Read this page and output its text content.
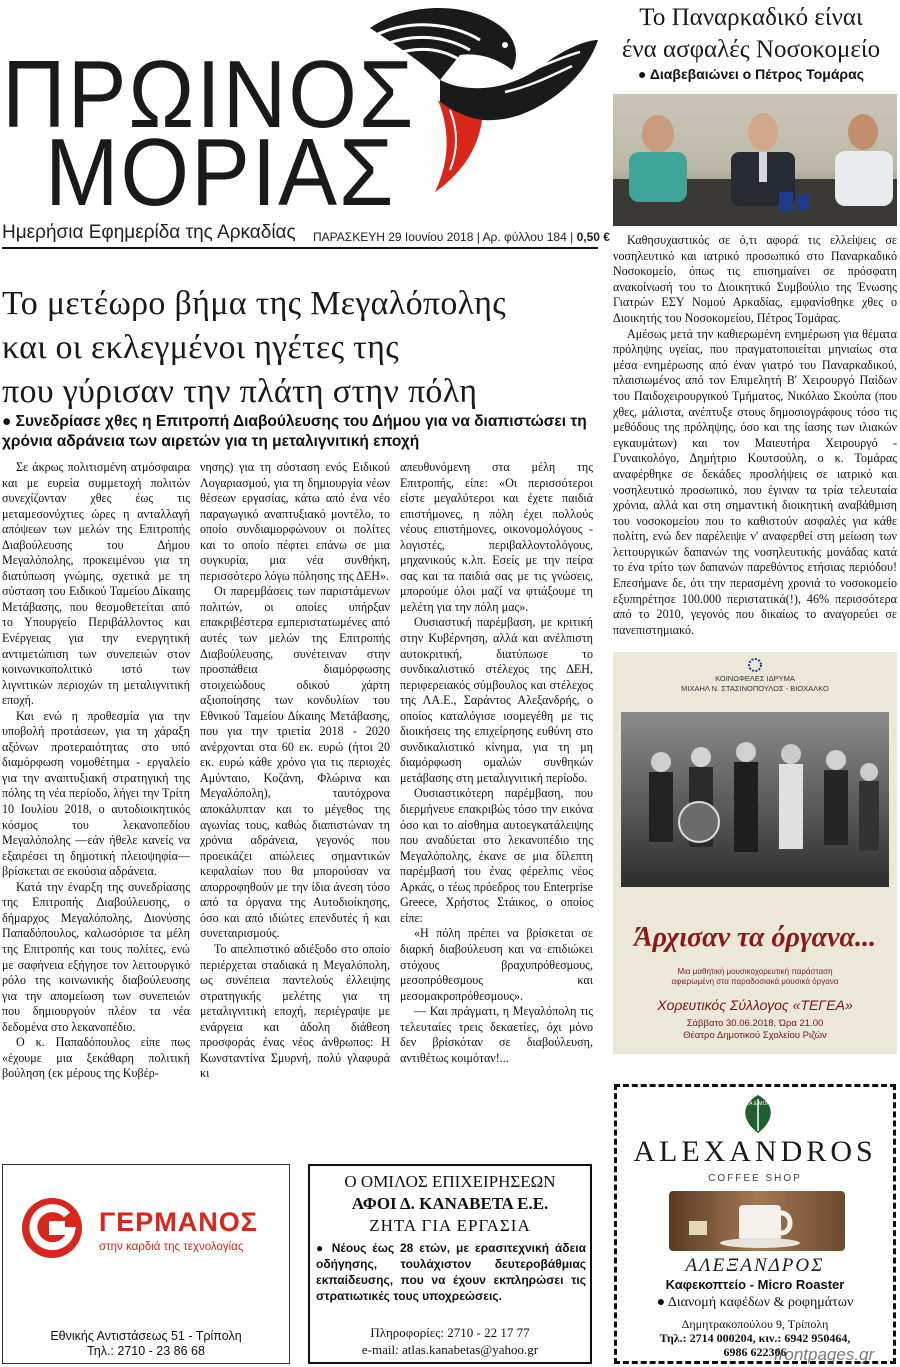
ΠΡΩΙΝΟΣ
ΜΟΡΙΑΣ
Ημερήσια Εφημερίδα της Αρκαδίας ΠΑΡΑΣΚΕΥΗ 29 Ιουνίου 2018 | Αρ. φύλλου 184 | 0,50 €
Το Παναρκαδικό είναι
ένα ασφαλές Νοσοκομείο
● Διαβεβαιώνει ο Πέτρος Τομάρας

Καθησυχαστικός σε ό,τι αφορά τις ελλείψεις σε νοσηλευτικό και ιατρικό προσωπικό στο Παναρκαδικό Νοσοκομείο, όπως τις επισημαίνει σε πρόσφατη ανακοίνωσή του το Διοικητικό Συμβούλιο της Ένωσης Γιατρών ΕΣΥ Νομού Αρκαδίας, εμφανίσθηκε χθες ο Διοικητής του Νοσοκομείου, Πέτρος Τομάρας.

Αμέσως μετά την καθιερωμένη ενημέρωση για θέματα πρόληψης υγείας, που πραγματοποιείται μηνιαίως στα μέσα ενημέρωσης από έναν γιατρό του Παναρκαδικού, πλαισιωμένος από τον Επιμελητή Β' Χειρουργό Παίδων του Παιδοχειρουργικού Τμήματος, Νικόλαο Σκούπα (που χθες, μάλιστα, ανέπτυξε στους δημοσιογράφους τόσο τις μεθόδους της πρόληψης, όσο και της ίασης των ιλιακών εγκαυμάτων) και τον Μαιευτήρα Χειρουργό - Γυναικολόγο, Δημήτριο Κουτσούλη, ο κ. Τομάρας αναφέρθηκε σε δεκάδες προσλήψεις σε ιατρικό και νοσηλευτικό προσωπικό, που έγιναν τα τρία τελευταία χρόνια, αλλά και στη σημαντική διοικητική αναβάθμιση του νοσοκομείου που το καθιστούν ασφαλές για κάθε πολίτη, ενώ δεν παρέλειψε ν' αναφερθεί στη μείωση των λειτουργικών δαπανών της νοσηλευτικής μονάδας κατά το ένα τρίτο των δαπανών παρεθόντος ετήσιας περιόδου! Επεσήμανε δε, ότι την περασμένη χρονιά το νοσοκομείο εξυπηρέτησε 100.000 περιστατικά(!), 46% περισσότερα από το 2010, γεγονός που δικαίως το αναγορεύει σε πανεπιστημιακό.

Το μετέωρο βήμα της Μεγαλόπολης
και οι εκλεγμένοι ηγέτες της
που γύρισαν την πλάτη στην πόλη
● Συνεδρίασε χθες η Επιτροπή Διαβούλευσης του Δήμου για να διαπιστώσει τη χρόνια αδράνεια των αιρετών για τη μεταλιγνιτική εποχή

Σε άκρως πολιτισμένη ατμόσφαιρα και με ευρεία συμμετοχή πολιτών συνεχίζονταν χθες έως τις μεταμεσονύχτιες ώρες η ανταλλαγή απόψεων των μελών της Επιτροπής Διαβούλευσης του Δήμου Μεγαλόπολης, προκειμένου για τη διατύπωση γνώμης, σχετικά με τη σύσταση του Ειδικού Ταμείου Δίκαιης Μετάβασης, που θεσμοθετείται από το Υπουργείο Περιβάλλοντος και Ενέργειας για την ενεργητική αντιμετώπιση των συνεπειών στον κοινωνικοπολιτικό ιστό των λιγνιτικών περιοχών τη μεταλιγνιτική εποχή.

Και ενώ η προθεσμία για την υποβολή προτάσεων, για τη χάραξη αξόνων προτεραιότητας στο υπό διαμόρφωση νομοθέτημα - εργαλείο για την αναπτυξιακή στρατηγική της πόλης τη νέα περίοδο, λήγει την Τρίτη 10 Ιουλίου 2018, ο αυτοδιοικητικός κόσμος του λεκανοπεδίου Μεγαλόπολης —εάν ήθελε κανείς να εξαιρέσει τη δημοτική πλειοψηφία— βρίσκεται σε εκούσια αδράνεια.

Κατά την έναρξη της συνεδρίασης της Επιτροπής Διαβούλευσης, ο δήμαρχος Μεγαλόπολης, Διονύσης Παπαδόπουλος, καλωσόρισε τα μέλη της Επιτροπής και τους πολίτες, ενώ με σαφήνεια εξήγησε τον λειτουργικό ρόλο της κοινωνικής διαβούλευσης για την απομείωση των συνεπειών που δημιουργούν πλέον τα νέα δεδομένα στο λεκανοπέδιο.

Ο κ. Παπαδόπουλος είπε πως «έχουμε μια ξεκάθαρη πολιτική βούληση (εκ μέρους της Κυβέρ-

νησης) για τη σύσταση ενός Ειδικού Λογαριασμού, για τη δημιουργία νέων θέσεων εργασίας, κάτω από ένα νέο παραγωγικό αναπτυξιακό μοντέλο, το οποίο συνδιαμορφώνουν οι πολίτες και το οποίο πέφτει επάνω σε μια συγκυρία, μια νέα συνθήκη, περισσότερο λόγω πόλησης της ΔΕΗ».

Οι παρεμβάσεις των παριστάμενων πολιτών, οι οποίες υπήρξαν επακριβέστερα εμπεριστατωμένες από αυτές των μελών της Επιτροπής Διαβούλευσης, συνέτειναν στην προσπάθεια διαμόρφωσης στοιχειώδους οδικού χάρτη αξιοποίησης των κονδυλίων του Εθνικού Ταμείου Δίκαιης Μετάβασης, που για την τριετία 2018 - 2020 ανέρχονται στα 60 εκ. ευρώ (ήτοι 20 εκ. ευρώ κάθε χρόνο για τις περιοχές Αμύνταιο, Κοζάνη, Φλώρινα και Μεγαλόπολη), ταυτόχρονα αποκάλυπταν και το μέγεθος της αγωνίας τους, καθώς διαπιστώναν τη χρόνια αδράνεια, γεγονός που προεικάζει απώλειες σημαντικών κεφαλαίων που θα μπορούσαν να απορροφηθούν με την ίδια άνεση τόσο από τα όργανα της Αυτοδιοίκησης, όσο και από ιδιώτες επενδυτές ή και συνεταιρισμούς.

Το απελπιστικό αδιέξοδο στο οποίο περιέρχεται σταδιακά η Μεγαλόπολη, ως συνέπεια παντελούς έλλειψης στρατηγικής μελέτης για τη μεταλιγνιτική εποχή, περιέγραψε με ενάργεια και άδολη διάθεση προσφοράς ένας νέος άνθρωπος: Η Κωνσταντίνα Σμυρνή, πολύ γλαφυρά κι

απευθυνόμενη στα μέλη της Επιτροπής, είπε: «Οι περισσότεροι είστε μεγαλύτεροι και έχετε παιδιά επιστήμονες, η πόλη έχει πολλούς νέους επιστήμονες, οικονομολόγους - λογιστές, περιβαλλοντολόγους, μηχανικούς κ.λπ. Εσείς με την πείρα σας και τα παιδιά σας με τις γνώσεις, μπορούμε όλοι μαζί να φτιάξουμε τη μελέτη για την πόλη μας».

Ουσιαστική παρέμβαση, με κριτική στην Κυβέρνηση, αλλά και ανέλπιστη αυτοκριτική, διατύπωσε το συνδικαλιστικό στέλεχος της ΔΕΗ, περιφερειακός σύμβουλος και στέλεχος της ΛΑ.Ε., Σαράντος Αλεξανδρής, ο οποίος καταλόγισε ισομεγέθη με τις διοικήσεις της επιχείρησης ευθύνη στο συνδικαλιστικό κίνημα, για τη μη διαμόρφωση ομαλών συνθηκών μετάβασης στη μεταλιγνιτική περίοδο.

Ουσιαστικότερη παρέμβαση, που διερμήνευε επακριβώς τόσο την εικόνα όσο και το αίσθημα αυτοεγκατάλειψης που αναδύεται στο λεκανοπέδιο της Μεγαλόπολης, έκανε σε μια δίλεπτη παρέμβασή του ένας φέρελπις νέος Αρκάς, ο τέως πρόεδρος του Enterprise Greece, Χρήστος Στάικος, ο οποίος είπε:

«Η πόλη πρέπει να βρίσκεται σε διαρκή διαβούλευση και να επιδιώκει στόχους βραχυπρόθεσμους, μεσοπρόθεσμους και μεσομακροπρόθεσμους».

— Και πράγματι, η Μεγαλόπολη τις τελευταίες τρεις δεκαετίες, όχι μόνο δεν βρίσκόταν σε διαβούλευση, αντιθέτως κοιμόταν!...

ΚΟΙΝΩΦΕΛΕΣ ΙΔΡΥΜΑ
ΜΙΧΑΗΛ Ν. ΣΤΑΣΙΝΟΠΟΥΛΟΣ - ΒΙΟΧΑΛΚΟ
Άρχισαν τα όργανα...
Μια μαθητική μουσικοχορευτική παράσταση
αφιερωμένη στα παραδοσιακά μουσικά όργανα
Χορευτικός Σύλλογος «ΤΕΓΕΑ»
Σάββατο 30.06.2018, Ώρα 21.00
Θέατρο Δημοτικού Σχολείου Ριζών
TEA & MORE
ALEXANDROS
COFFEE SHOP
ΑΛΕΞΑΝΔΡΟΣ
Καφεκοπτείο - Micro Roaster
● Διανομή καφέδων & ροφημάτων
Δημητρακοπούλου 9, Τρίπολη
Τηλ.: 2714 000204, κιν.: 6942 950464,
6986 622306
ΓΕΡΜΑΝΟΣ
στην καρδιά της τεχνολογίας
Εθνικής Αντιστάσεως 51 - Τρίπολη
Τηλ.: 2710 - 23 86 68
Ο ΟΜΙΛΟΣ ΕΠΙΧΕΙΡΗΣΕΩΝ
ΑΦΟΙ Δ. ΚΑΝΑΒΕΤΑ Ε.Ε.
ΖΗΤΑ ΓΙΑ ΕΡΓΑΣΙΑ
● Νέους έως 28 ετών, με ερασιτεχνική άδεια οδήγησης, τουλάχιστον δευτεροβάθμιας εκπαίδευσης, που να έχουν εκπληρώσει τις στρατιωτικές τους υποχρεώσεις.
Πληροφορίες: 2710 - 22 17 77
e-mail: atlas.kanabetas@yahoo.gr	frontpages.gr
